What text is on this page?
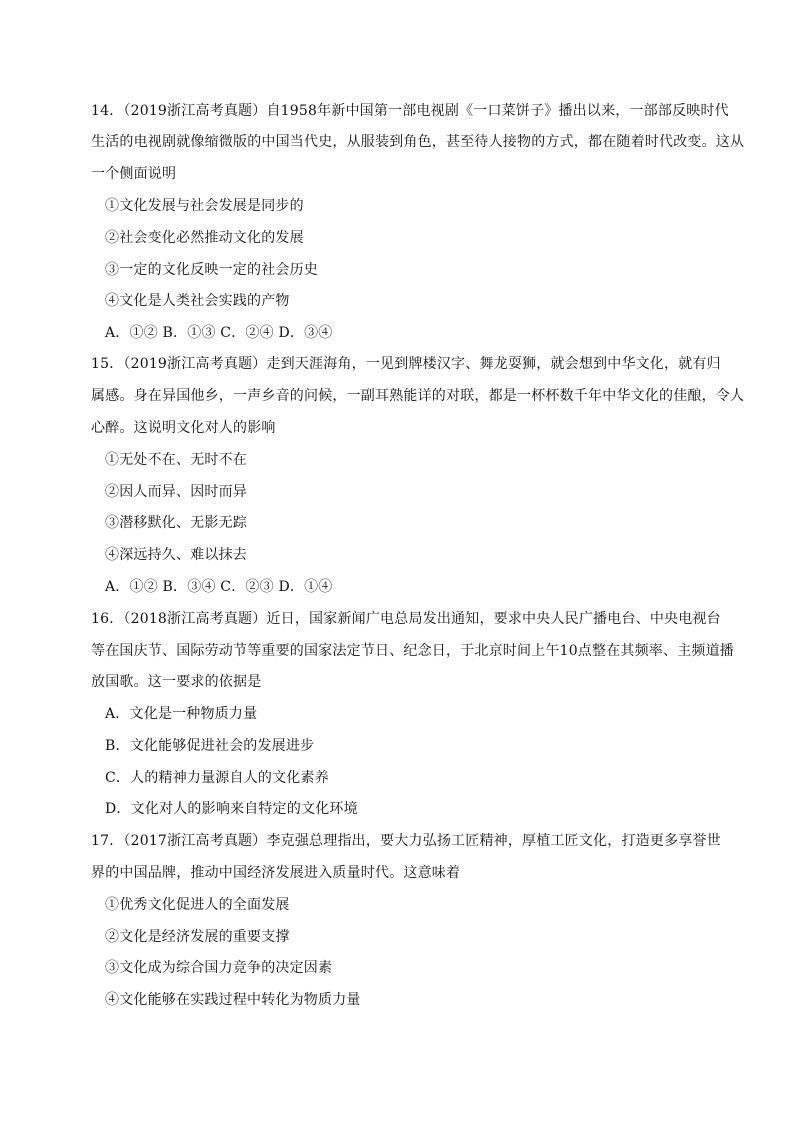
14．（2019浙江高考真题）自1958年新中国第一部电视剧《一口菜饼子》播出以来，一部部反映时代
生活的电视剧就像缩微版的中国当代史，从服装到角色，甚至待人接物的方式，都在随着时代改变。这从
一个侧面说明
①文化发展与社会发展是同步的
②社会变化必然推动文化的发展
③一定的文化反映一定的社会历史
④文化是人类社会实践的产物
A．①② B．①③ C．②④ D．③④
15．（2019浙江高考真题）走到天涯海角，一见到牌楼汉字、舞龙耍狮，就会想到中华文化，就有归
属感。身在异国他乡，一声乡音的问候，一副耳熟能详的对联，都是一杯杯数千年中华文化的佳酿，令人
心醉。这说明文化对人的影响
①无处不在、无时不在
②因人而异、因时而异
③潜移默化、无影无踪
④深远持久、难以抹去
A．①② B．③④ C．②③ D．①④
16．（2018浙江高考真题）近日，国家新闻广电总局发出通知，要求中央人民广播电台、中央电视台
等在国庆节、国际劳动节等重要的国家法定节日、纪念日，于北京时间上午10点整在其频率、主频道播
放国歌。这一要求的依据是
A．文化是一种物质力量
B．文化能够促进社会的发展进步
C．人的精神力量源自人的文化素养
D．文化对人的影响来自特定的文化环境
17．（2017浙江高考真题）李克强总理指出，要大力弘扬工匠精神，厚植工匠文化，打造更多享誉世
界的中国品牌，推动中国经济发展进入质量时代。这意味着
①优秀文化促进人的全面发展
②文化是经济发展的重要支撑
③文化成为综合国力竞争的决定因素
④文化能够在实践过程中转化为物质力量
